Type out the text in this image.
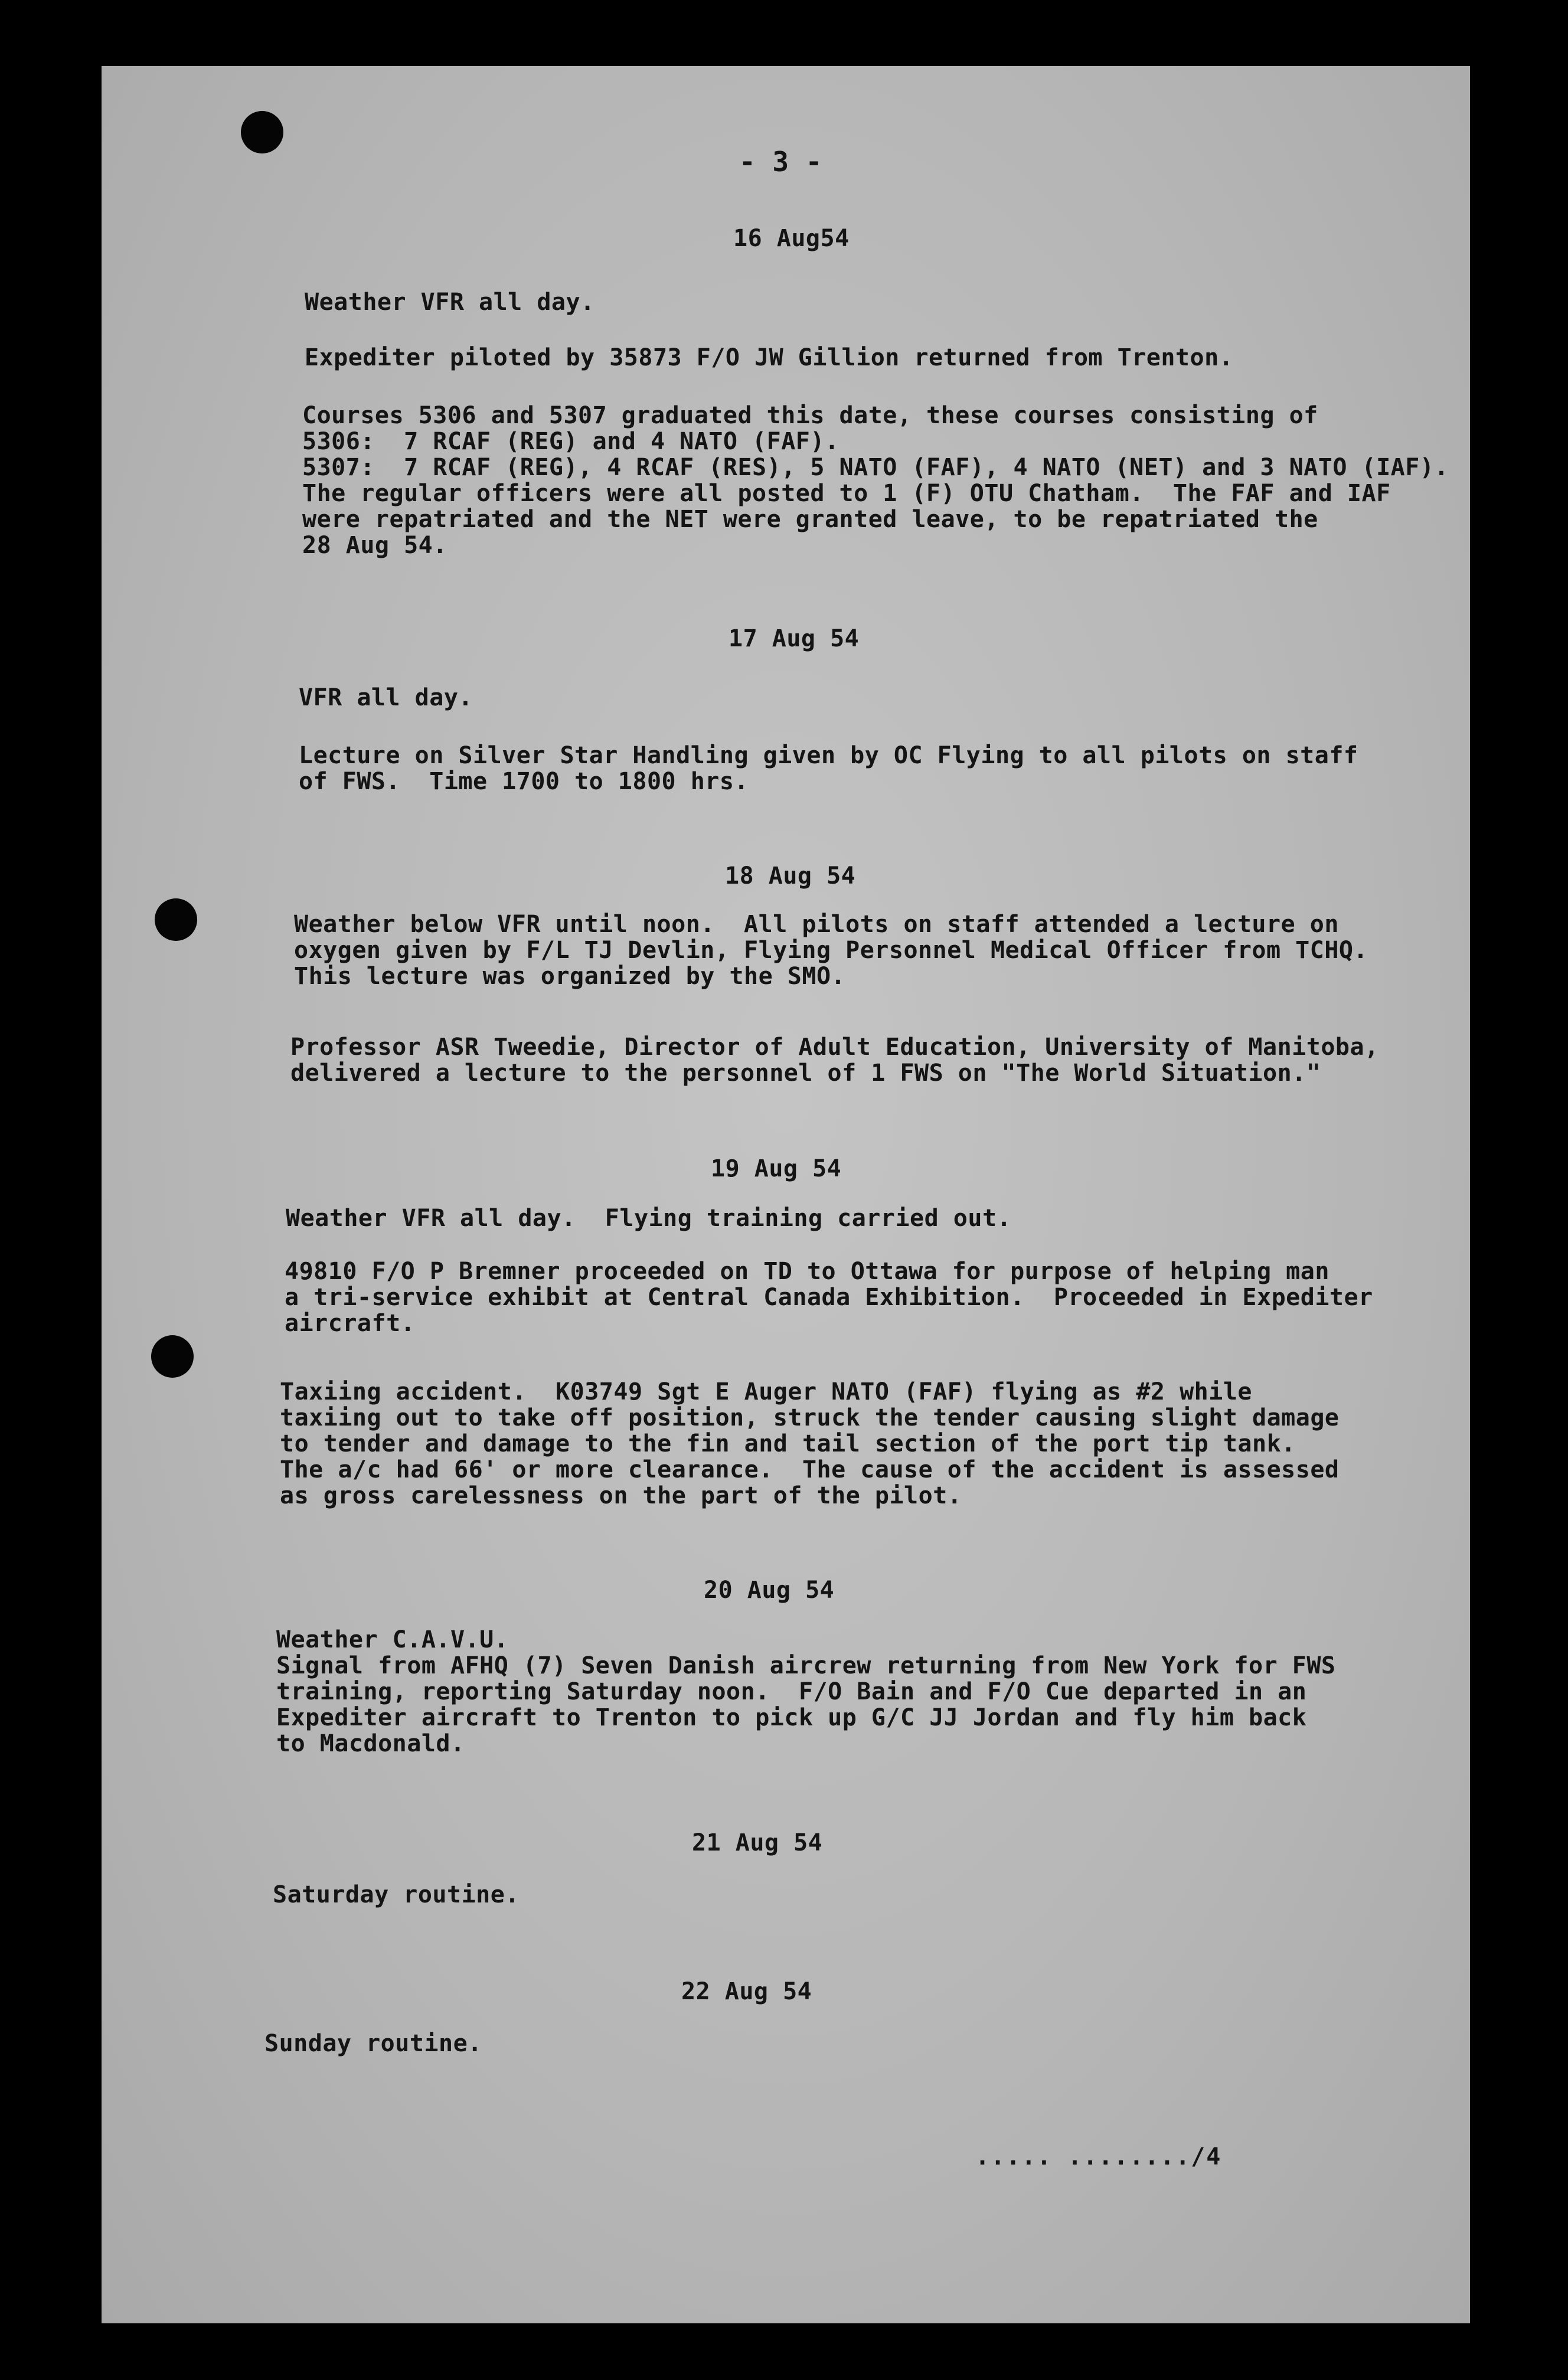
- 3 -
16 Aug54
Weather VFR all day.
Expediter piloted by 35873 F/O JW Gillion returned from Trenton.
Courses 5306 and 5307 graduated this date, these courses consisting of
5306:  7 RCAF (REG) and 4 NATO (FAF).
5307:  7 RCAF (REG), 4 RCAF (RES), 5 NATO (FAF), 4 NATO (NET) and 3 NATO (IAF).
The regular officers were all posted to 1 (F) OTU Chatham.  The FAF and IAF
were repatriated and the NET were granted leave, to be repatriated the
28 Aug 54.
17 Aug 54
VFR all day.
Lecture on Silver Star Handling given by OC Flying to all pilots on staff
of FWS.  Time 1700 to 1800 hrs.
18 Aug 54
Weather below VFR until noon.  All pilots on staff attended a lecture on
oxygen given by F/L TJ Devlin, Flying Personnel Medical Officer from TCHQ.
This lecture was organized by the SMO.
Professor ASR Tweedie, Director of Adult Education, University of Manitoba,
delivered a lecture to the personnel of 1 FWS on "The World Situation."
19 Aug 54
Weather VFR all day.  Flying training carried out.
49810 F/O P Bremner proceeded on TD to Ottawa for purpose of helping man
a tri-service exhibit at Central Canada Exhibition.  Proceeded in Expediter
aircraft.
Taxiing accident.  K03749 Sgt E Auger NATO (FAF) flying as #2 while
taxiing out to take off position, struck the tender causing slight damage
to tender and damage to the fin and tail section of the port tip tank.
The a/c had 66' or more clearance.  The cause of the accident is assessed
as gross carelessness on the part of the pilot.
20 Aug 54
Weather C.A.V.U.
Signal from AFHQ (7) Seven Danish aircrew returning from New York for FWS
training, reporting Saturday noon.  F/O Bain and F/O Cue departed in an
Expediter aircraft to Trenton to pick up G/C JJ Jordan and fly him back
to Macdonald.
21 Aug 54
Saturday routine.
22 Aug 54
Sunday routine.
..... ......../4
